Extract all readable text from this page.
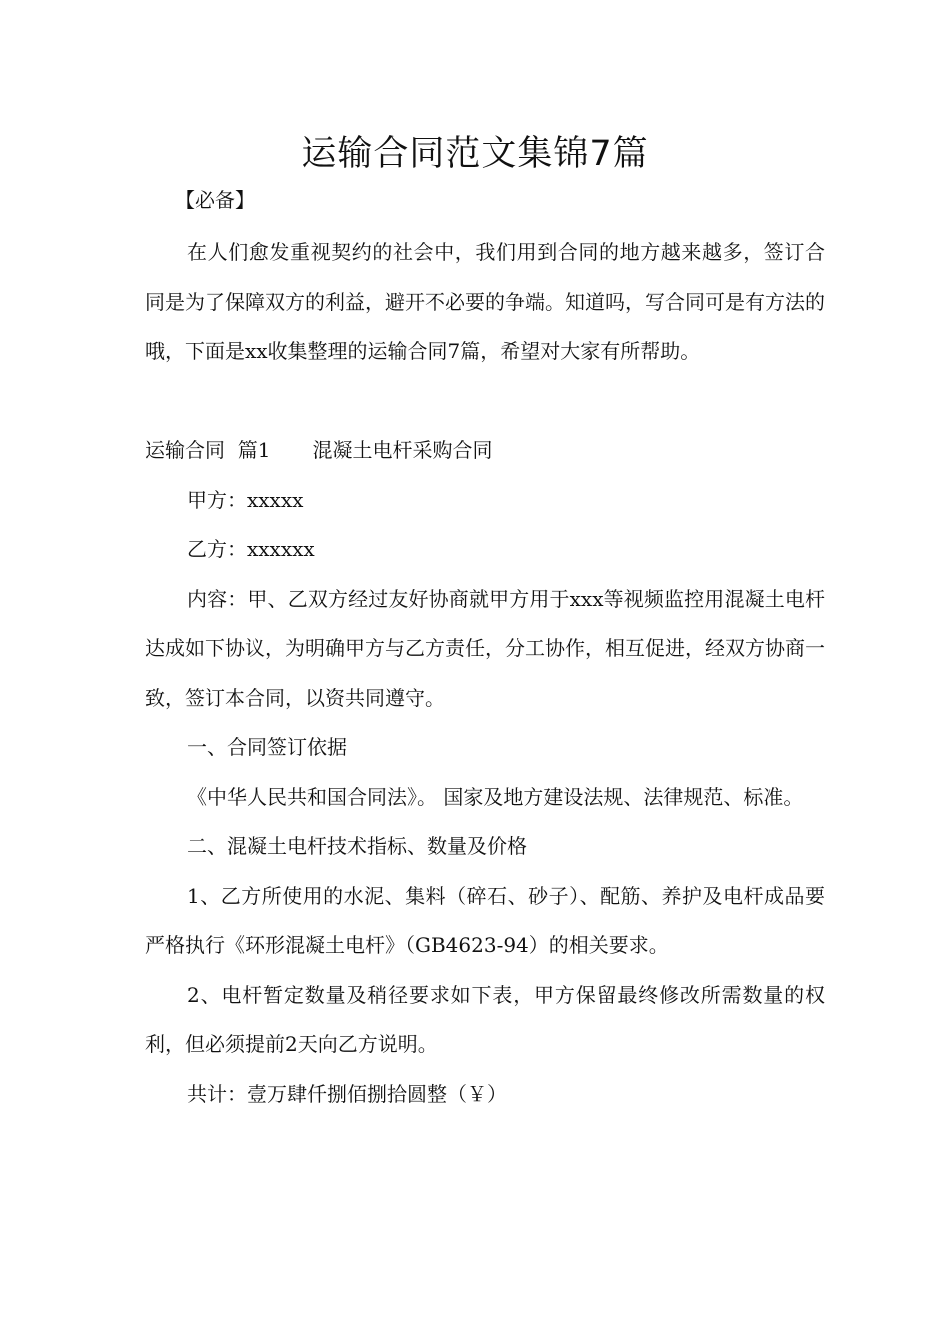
运输合同范文集锦7篇
【必备】

在人们愈发重视契约的社会中，我们用到合同的地方越来越多，签订合同是为了保障双方的利益，避开不必要的争端。知道吗，写合同可是有方法的哦，下面是xx收集整理的运输合同7篇，希望对大家有所帮助。

运输合同  篇1 混凝土电杆采购合同

甲方：xxxxx

乙方：xxxxxx

内容：甲、乙双方经过友好协商就甲方用于xxx等视频监控用混凝土电杆达成如下协议，为明确甲方与乙方责任，分工协作，相互促进，经双方协商一致，签订本合同，以资共同遵守。

一、合同签订依据

《中华人民共和国合同法》。 国家及地方建设法规、法律规范、标准。

二、混凝土电杆技术指标、数量及价格

1、乙方所使用的水泥、集料（碎石、砂子）、配筋、养护及电杆成品要严格执行《环形混凝土电杆》（GB4623-94）的相关要求。

2、电杆暂定数量及稍径要求如下表，甲方保留最终修改所需数量的权利，但必须提前2天向乙方说明。

共计：壹万肆仟捌佰捌拾圆整（￥）
